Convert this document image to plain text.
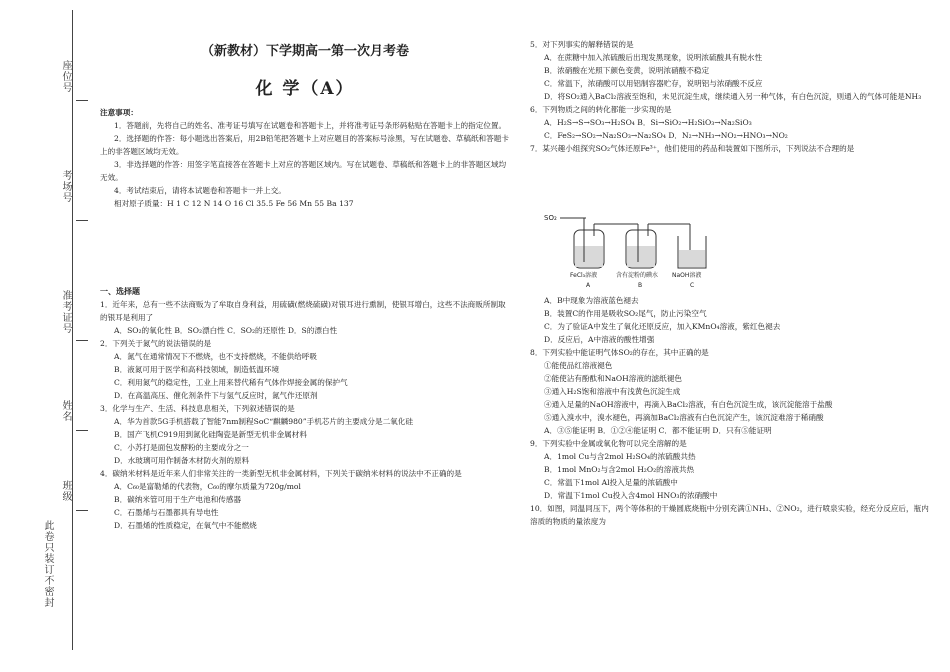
座位号
考场号
准考证号
姓名
班级
此卷只装订不密封
（新教材）下学期高一第一次月考卷
化 学（A）

注意事项：

1．答题前，先将自己的姓名、准考证号填写在试题卷和答题卡上，并将准考证号条形码粘贴在答题卡上的指定位置。

2．选择题的作答：每小题选出答案后，用2B铅笔把答题卡上对应题目的答案标号涂黑，写在试题卷、草稿纸和答题卡上的非答题区域均无效。

3．非选择题的作答：用签字笔直接答在答题卡上对应的答题区域内。写在试题卷、草稿纸和答题卡上的非答题区域均无效。

4．考试结束后，请将本试题卷和答题卡一并上交。

相对原子质量：H 1 C 12 N 14 O 16 Cl 35.5 Fe 56 Mn 55 Ba 137

一、选择题

1．近年来，总有一些不法商贩为了牟取自身利益，用硫磺(燃烧硫磺)对银耳进行熏制，使银耳增白，这些不法商贩所制取的银耳是利用了

A．SO₂的氧化性 B．SO₂漂白性 C．SO₂的还原性 D．S的漂白性

2．下列关于氮气的说法错误的是

A．氮气在通常情况下不燃烧，也不支持燃烧，不能供给呼吸

B．液氮可用于医学和高科技领域，制造低温环境

C．利用氮气的稳定性，工业上用来替代稀有气体作焊接金属的保护气

D．在高温高压、催化剂条件下与氢气反应时，氮气作还原剂

3．化学与生产、生活、科技息息相关，下列叙述错误的是

A．华为首款5G手机搭载了智能7nm制程SoC“麒麟980”手机芯片的主要成分是二氧化硅

B．国产飞机C919用到氮化硅陶瓷是新型无机非金属材料

C．小苏打是面包发酵粉的主要成分之一

D．水玻璃可用作制备木材防火剂的原料

4．碳纳米材料是近年来人们非常关注的一类新型无机非金属材料，下列关于碳纳米材料的说法中不正确的是

A．C₆₀是富勒烯的代表物，C₆₀的摩尔质量为720g/mol

B．碳纳米管可用于生产电池和传感器

C．石墨烯与石墨都具有导电性

D．石墨烯的性质稳定，在氧气中不能燃烧

5．对下列事实的解释错误的是

A．在蔗糖中加入浓硫酸后出现发黑现象，说明浓硫酸具有脱水性

B．浓硝酸在光照下颜色变黄，说明浓硝酸不稳定

C．常温下，浓硝酸可以用铝制容器贮存，说明铝与浓硝酸不反应

D．将SO₂通入BaCl₂溶液至饱和，未见沉淀生成，继续通入另一种气体，有白色沉淀，则通入的气体可能是NH₃

6．下列物质之间的转化都能一步实现的是

A．H₂S→S→SO₃→H₂SO₄ B．Si→SiO₂→H₂SiO₃→Na₂SiO₃

C．FeS₂→SO₂→Na₂SO₃→Na₂SO₄ D．N₂→NH₃→NO₂→HNO₃→NO₂

7．某兴趣小组探究SO₂气体还原Fe³⁺，他们使用的药品和装置如下图所示，下列说法不合理的是

SO₂
FeCl₃溶液	含有淀粉的碘水 NaOH溶液
A	B	C

A．B中现象为溶液蓝色褪去

B．装置C的作用是吸收SO₂尾气，防止污染空气

C．为了验证A中发生了氧化还原反应，加入KMnO₄溶液，紫红色褪去

D．反应后，A中溶液的酸性增强

8．下列实验中能证明气体SO₂的存在，其中正确的是

①能使品红溶液褪色

②能使沾有酚酞和NaOH溶液的滤纸褪色

③通入H₂S饱和溶液中有浅黄色沉淀生成

④通入足量的NaOH溶液中，再滴入BaCl₂溶液，有白色沉淀生成，该沉淀能溶于盐酸

⑤通入溴水中，溴水褪色，再滴加BaCl₂溶液有白色沉淀产生，该沉淀难溶于稀硝酸

A．③⑤能证明 B．①②④能证明 C．都不能证明 D．只有⑤能证明

9．下列实验中金属或氧化物可以完全溶解的是

A．1mol Cu与含2mol H₂SO₄的浓硫酸共热

B．1mol MnO₂与含2mol H₂O₂的溶液共热

C．常温下1mol Al投入足量的浓硫酸中

D．常温下1mol Cu投入含4mol HNO₃的浓硝酸中

10．如图，同温同压下，两个等体积的干燥圆底烧瓶中分别充满①NH₃、②NO₂，进行喷泉实验，经充分反应后，瓶内溶质的物质的量浓度为
